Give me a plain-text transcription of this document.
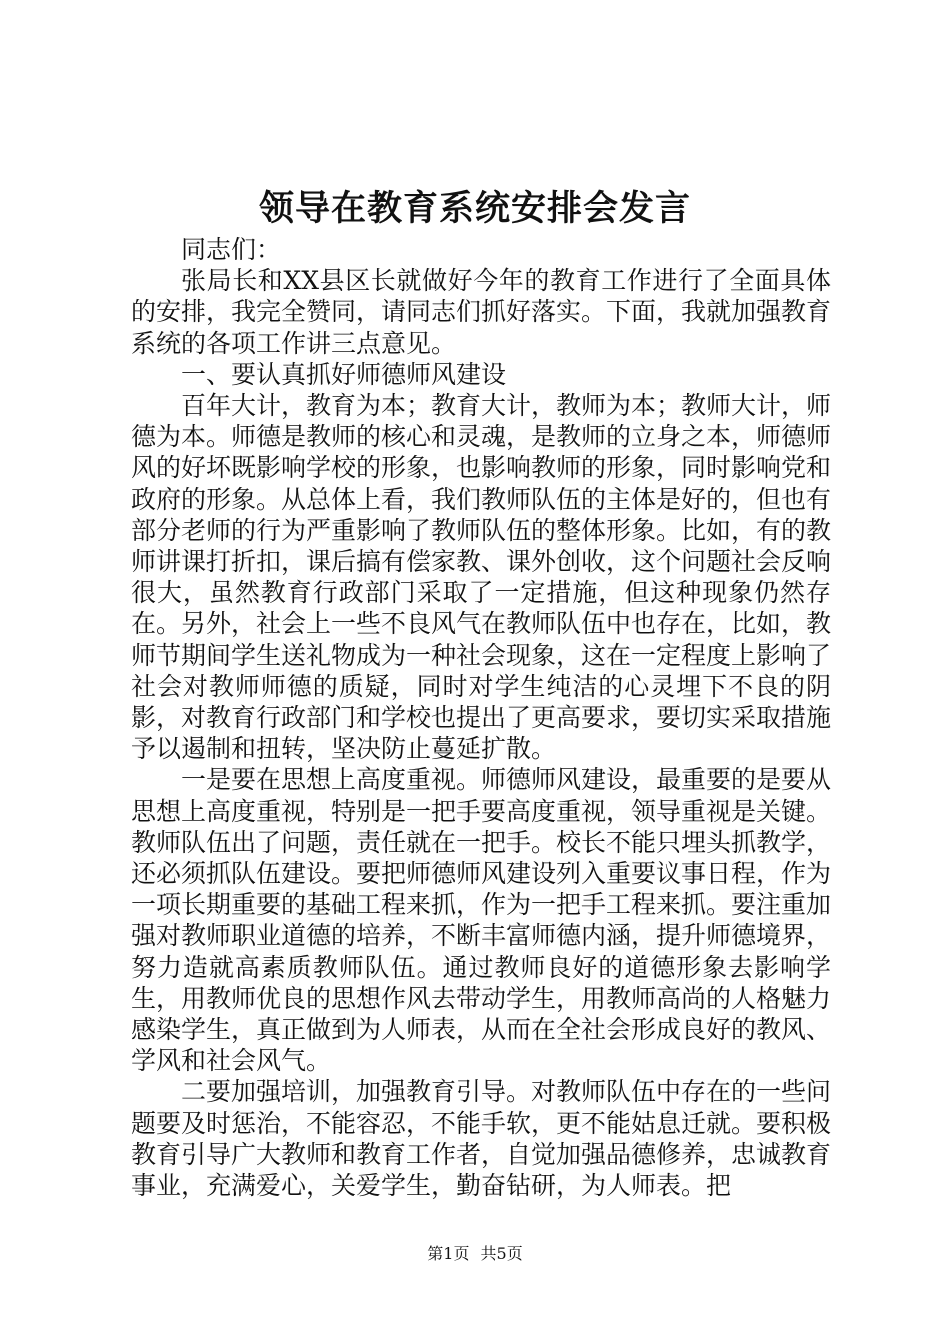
领导在教育系统安排会发言

同志们：

张局长和XX县区长就做好今年的教育工作进行了全面具体的安排，我完全赞同，请同志们抓好落实。下面，我就加强教育系统的各项工作讲三点意见。

一、要认真抓好师德师风建设

百年大计，教育为本；教育大计，教师为本；教师大计，师德为本。师德是教师的核心和灵魂，是教师的立身之本，师德师风的好坏既影响学校的形象，也影响教师的形象，同时影响党和政府的形象。从总体上看，我们教师队伍的主体是好的，但也有部分老师的行为严重影响了教师队伍的整体形象。比如，有的教师讲课打折扣，课后搞有偿家教、课外创收，这个问题社会反响很大，虽然教育行政部门采取了一定措施，但这种现象仍然存在。另外，社会上一些不良风气在教师队伍中也存在，比如，教师节期间学生送礼物成为一种社会现象，这在一定程度上影响了社会对教师师德的质疑，同时对学生纯洁的心灵埋下不良的阴影，对教育行政部门和学校也提出了更高要求，要切实采取措施予以遏制和扭转，坚决防止蔓延扩散。

一是要在思想上高度重视。师德师风建设，最重要的是要从思想上高度重视，特别是一把手要高度重视，领导重视是关键。教师队伍出了问题，责任就在一把手。校长不能只埋头抓教学，还必须抓队伍建设。要把师德师风建设列入重要议事日程，作为一项长期重要的基础工程来抓，作为一把手工程来抓。要注重加强对教师职业道德的培养，不断丰富师德内涵，提升师德境界，努力造就高素质教师队伍。通过教师良好的道德形象去影响学生，用教师优良的思想作风去带动学生，用教师高尚的人格魅力感染学生，真正做到为人师表，从而在全社会形成良好的教风、学风和社会风气。

二要加强培训，加强教育引导。对教师队伍中存在的一些问题要及时惩治，不能容忍，不能手软，更不能姑息迁就。要积极教育引导广大教师和教育工作者，自觉加强品德修养，忠诚教育事业，充满爱心，关爱学生，勤奋钻研，为人师表。把

第1页 共5页
